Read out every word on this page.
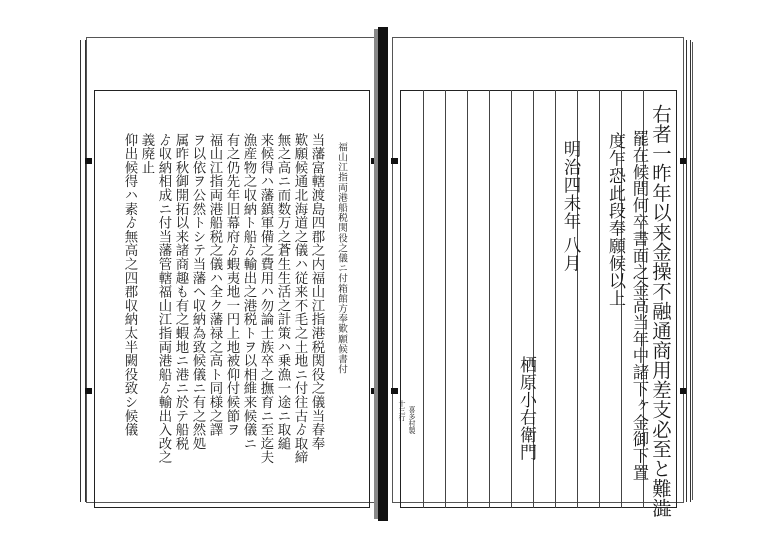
福山江指両港船税関役之儀ニ付箱館方奉歎願候書付
当藩富轄渡島四郡之内福山江指港税関役之儀当春奉
歎願候通北海道之儀ハ従来不毛之土地ニ付往古ゟ取締
無之高ニ而数万之蒼生生活之計策ハ乗漁一途ニ取縋
来候得ハ藩鎮軍備之費用ハ勿論士族卒之撫育ニ至迄夫
漁産物之収納ト船ゟ輸出之港税トヲ以相維来候儀ニ
有之仍先年旧幕府ゟ蝦夷地一円上地被仰付候節ヲ
福山江指両港船税之儀ハ全ク藩禄之高ト同様之譯
ヲ以依ヲ公然トシテ当藩ヘ収納為致候儀ニ有之然処
属昨秋御開拓以来諸商趣も有之蝦地ニ港ニ於テ船税
ゟ収納相成ニ付当藩管轄福山江指両港船ゟ輸出入改之
義廃止
仰出候得ハ素ゟ無高之四郡収納太半闕役致シ候儀	右者一昨年以来金操不融通商用差支必至と難澁
罷在候間何卒書面之金高当年中諸下ヶ金御下置
度乍恐此段奉願候以上
明治四未年 八月
栖原小右衛門
十三行 喜多村製
